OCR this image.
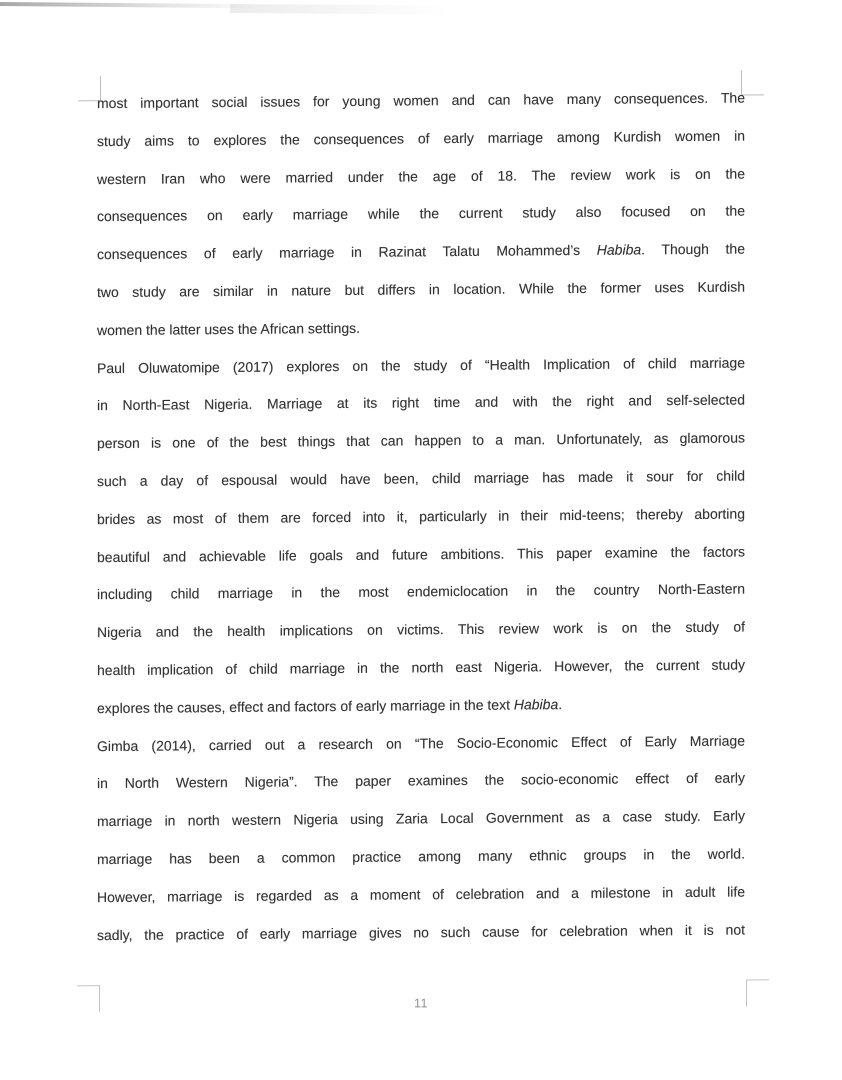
most important social issues for young women and can have many consequences. The

study aims to explores the consequences of early marriage among Kurdish women in

western Iran who were married under the age of 18. The review work is on the

consequences on early marriage while the current study also focused on the

consequences of early marriage in Razinat Talatu Mohammed’s Habiba. Though the

two study are similar in nature but differs in location. While the former uses Kurdish

women the latter uses the African settings.

Paul Oluwatomipe (2017) explores on the study of “Health Implication of child marriage

in North-East Nigeria. Marriage at its right time and with the right and self-selected

person is one of the best things that can happen to a man. Unfortunately, as glamorous

such a day of espousal would have been, child marriage has made it sour for child

brides as most of them are forced into it, particularly in their mid-teens; thereby aborting

beautiful and achievable life goals and future ambitions. This paper examine the factors

including child marriage in the most endemiclocation in the country North-Eastern

Nigeria and the health implications on victims. This review work is on the study of

health implication of child marriage in the north east Nigeria. However, the current study

explores the causes, effect and factors of early marriage in the text Habiba.

Gimba (2014), carried out a research on “The Socio-Economic Effect of Early Marriage

in North Western Nigeria”. The paper examines the socio-economic effect of early

marriage in north western Nigeria using Zaria Local Government as a case study. Early

marriage has been a common practice among many ethnic groups in the world.

However, marriage is regarded as a moment of celebration and a milestone in adult life

sadly, the practice of early marriage gives no such cause for celebration when it is not

11
